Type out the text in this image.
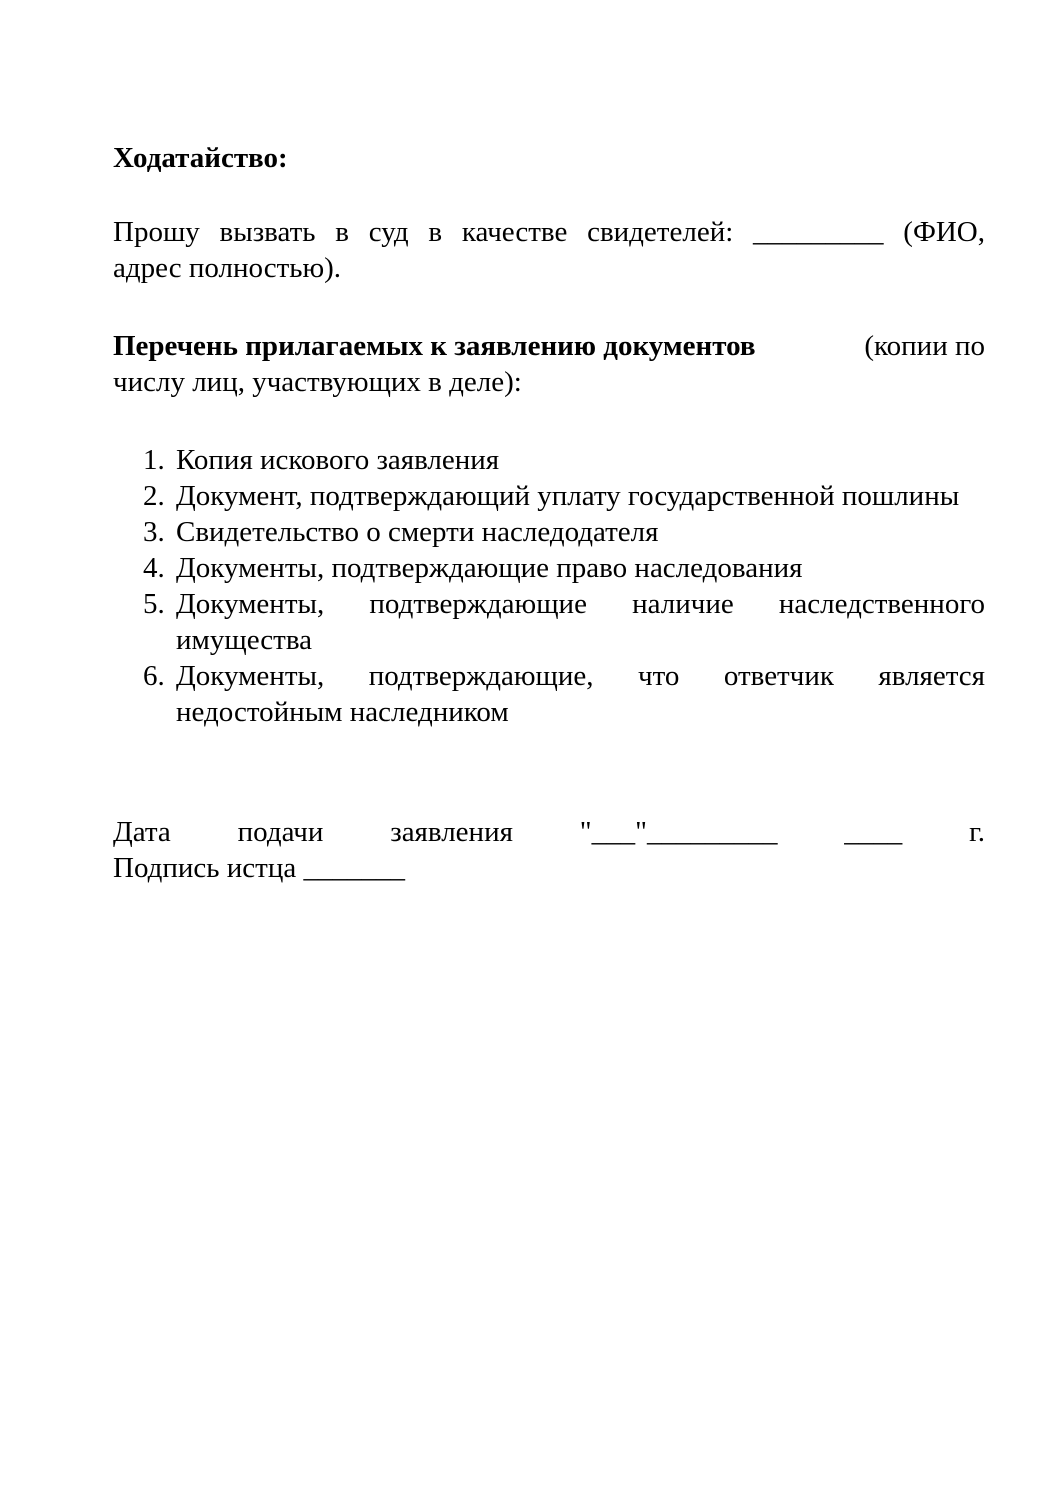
Ходатайство:

Прошу вызвать в суд в качестве свидетелей: _________ (ФИО,
адрес полностью).
Перечень прилагаемых к заявлению документов	(копии по
числу лиц, участвующих в деле):
1. Копия искового заявления
2. Документ, подтверждающий уплату государственной пошлины
3. Свидетельство о смерти наследодателя
4. Документы, подтверждающие право наследования
5. Документы, подтверждающие наличие наследственного имущества
6. Документы, подтверждающие, что ответчик является недостойным наследником
Дата подачи заявления "___"_________ ____ г.
Подпись истца _______
